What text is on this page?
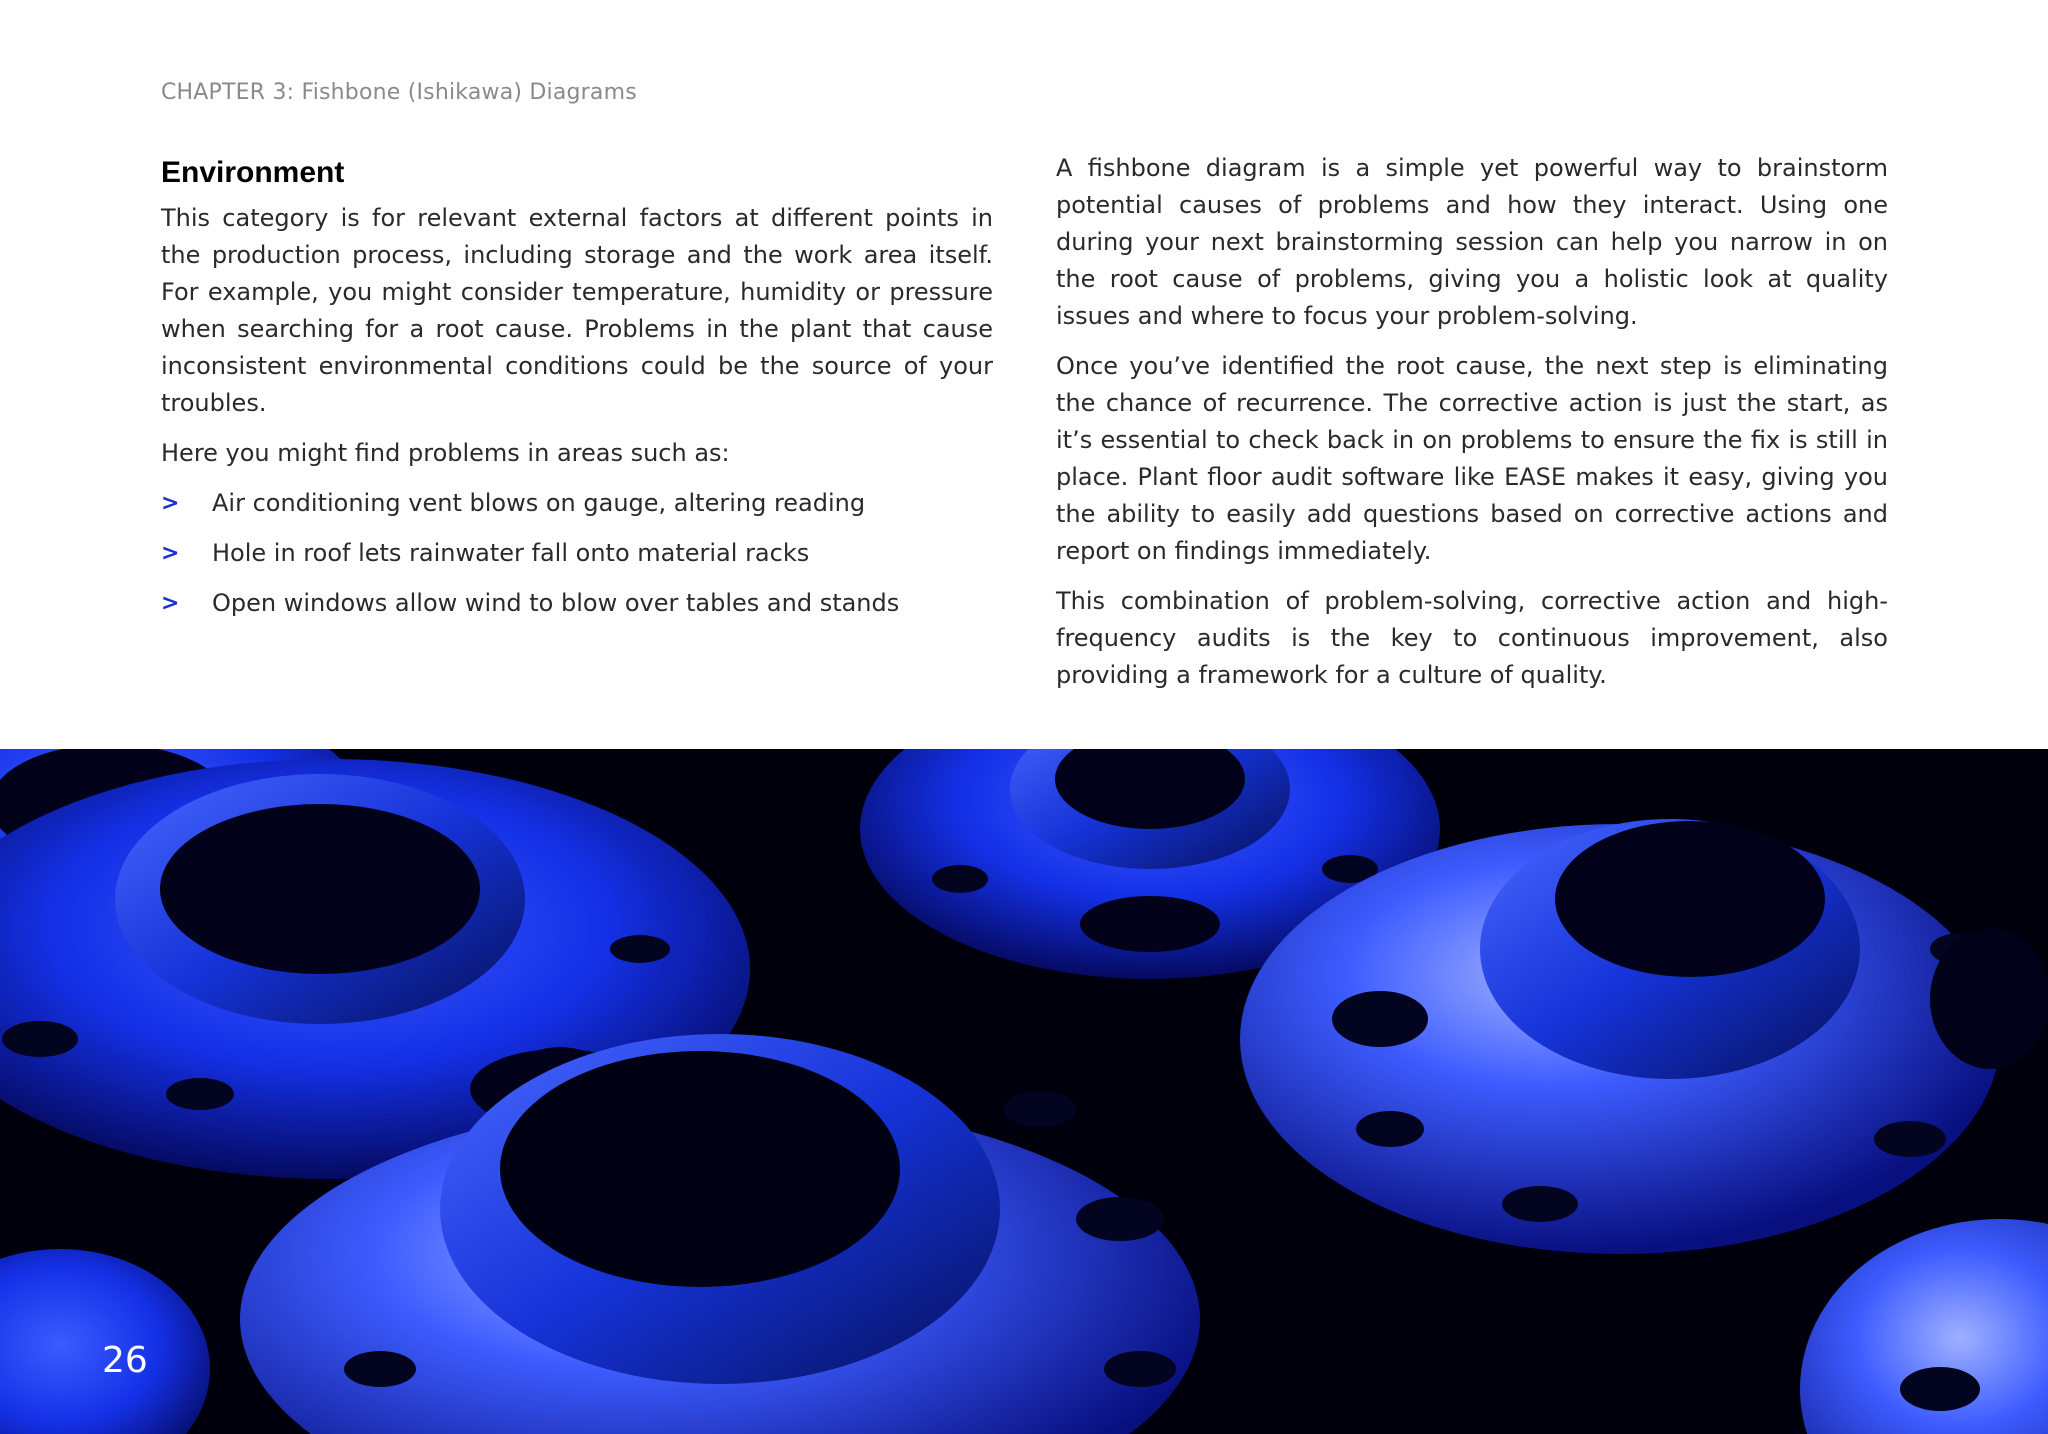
CHAPTER 3: Fishbone (Ishikawa) Diagrams
Environment

This category is for relevant external factors at different points in the production process, including storage and the work area itself. For example, you might consider temperature, humidity or pressure when searching for a root cause. Problems in the plant that cause inconsistent environmental conditions could be the source of your troubles.

Here you might find problems in areas such as:

> Air conditioning vent blows on gauge, altering reading
> Hole in roof lets rainwater fall onto material racks
> Open windows allow wind to blow over tables and stands

A fishbone diagram is a simple yet powerful way to brainstorm potential causes of problems and how they interact. Using one during your next brainstorming session can help you narrow in on the root cause of problems, giving you a holistic look at quality issues and where to focus your problem-solving.

Once you’ve identified the root cause, the next step is eliminating the chance of recurrence. The corrective action is just the start, as it’s essential to check back in on problems to ensure the fix is still in place. Plant floor audit software like EASE makes it easy, giving you the ability to easily add questions based on corrective actions and report on findings immediately.

This combination of problem-solving, corrective action and high-frequency audits is the key to continuous improvement, also providing a framework for a culture of quality.

26
